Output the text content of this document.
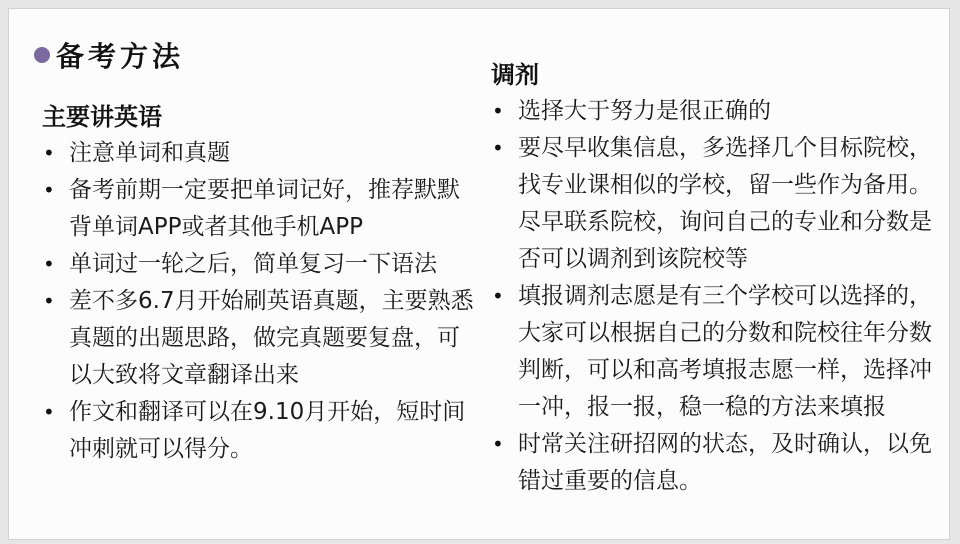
备考方法
主要讲英语
• 注意单词和真题
• 备考前期一定要把单词记好，推荐默默背单词APP或者其他手机APP
• 单词过一轮之后，简单复习一下语法
• 差不多6.7月开始刷英语真题，主要熟悉真题的出题思路，做完真题要复盘，可以大致将文章翻译出来
• 作文和翻译可以在9.10月开始，短时间冲刺就可以得分。
调剂
• 选择大于努力是很正确的
• 要尽早收集信息，多选择几个目标院校，找专业课相似的学校，留一些作为备用。尽早联系院校，询问自己的专业和分数是否可以调剂到该院校等
• 填报调剂志愿是有三个学校可以选择的，大家可以根据自己的分数和院校往年分数判断，可以和高考填报志愿一样，选择冲一冲，报一报，稳一稳的方法来填报
• 时常关注研招网的状态，及时确认，以免错过重要的信息。
